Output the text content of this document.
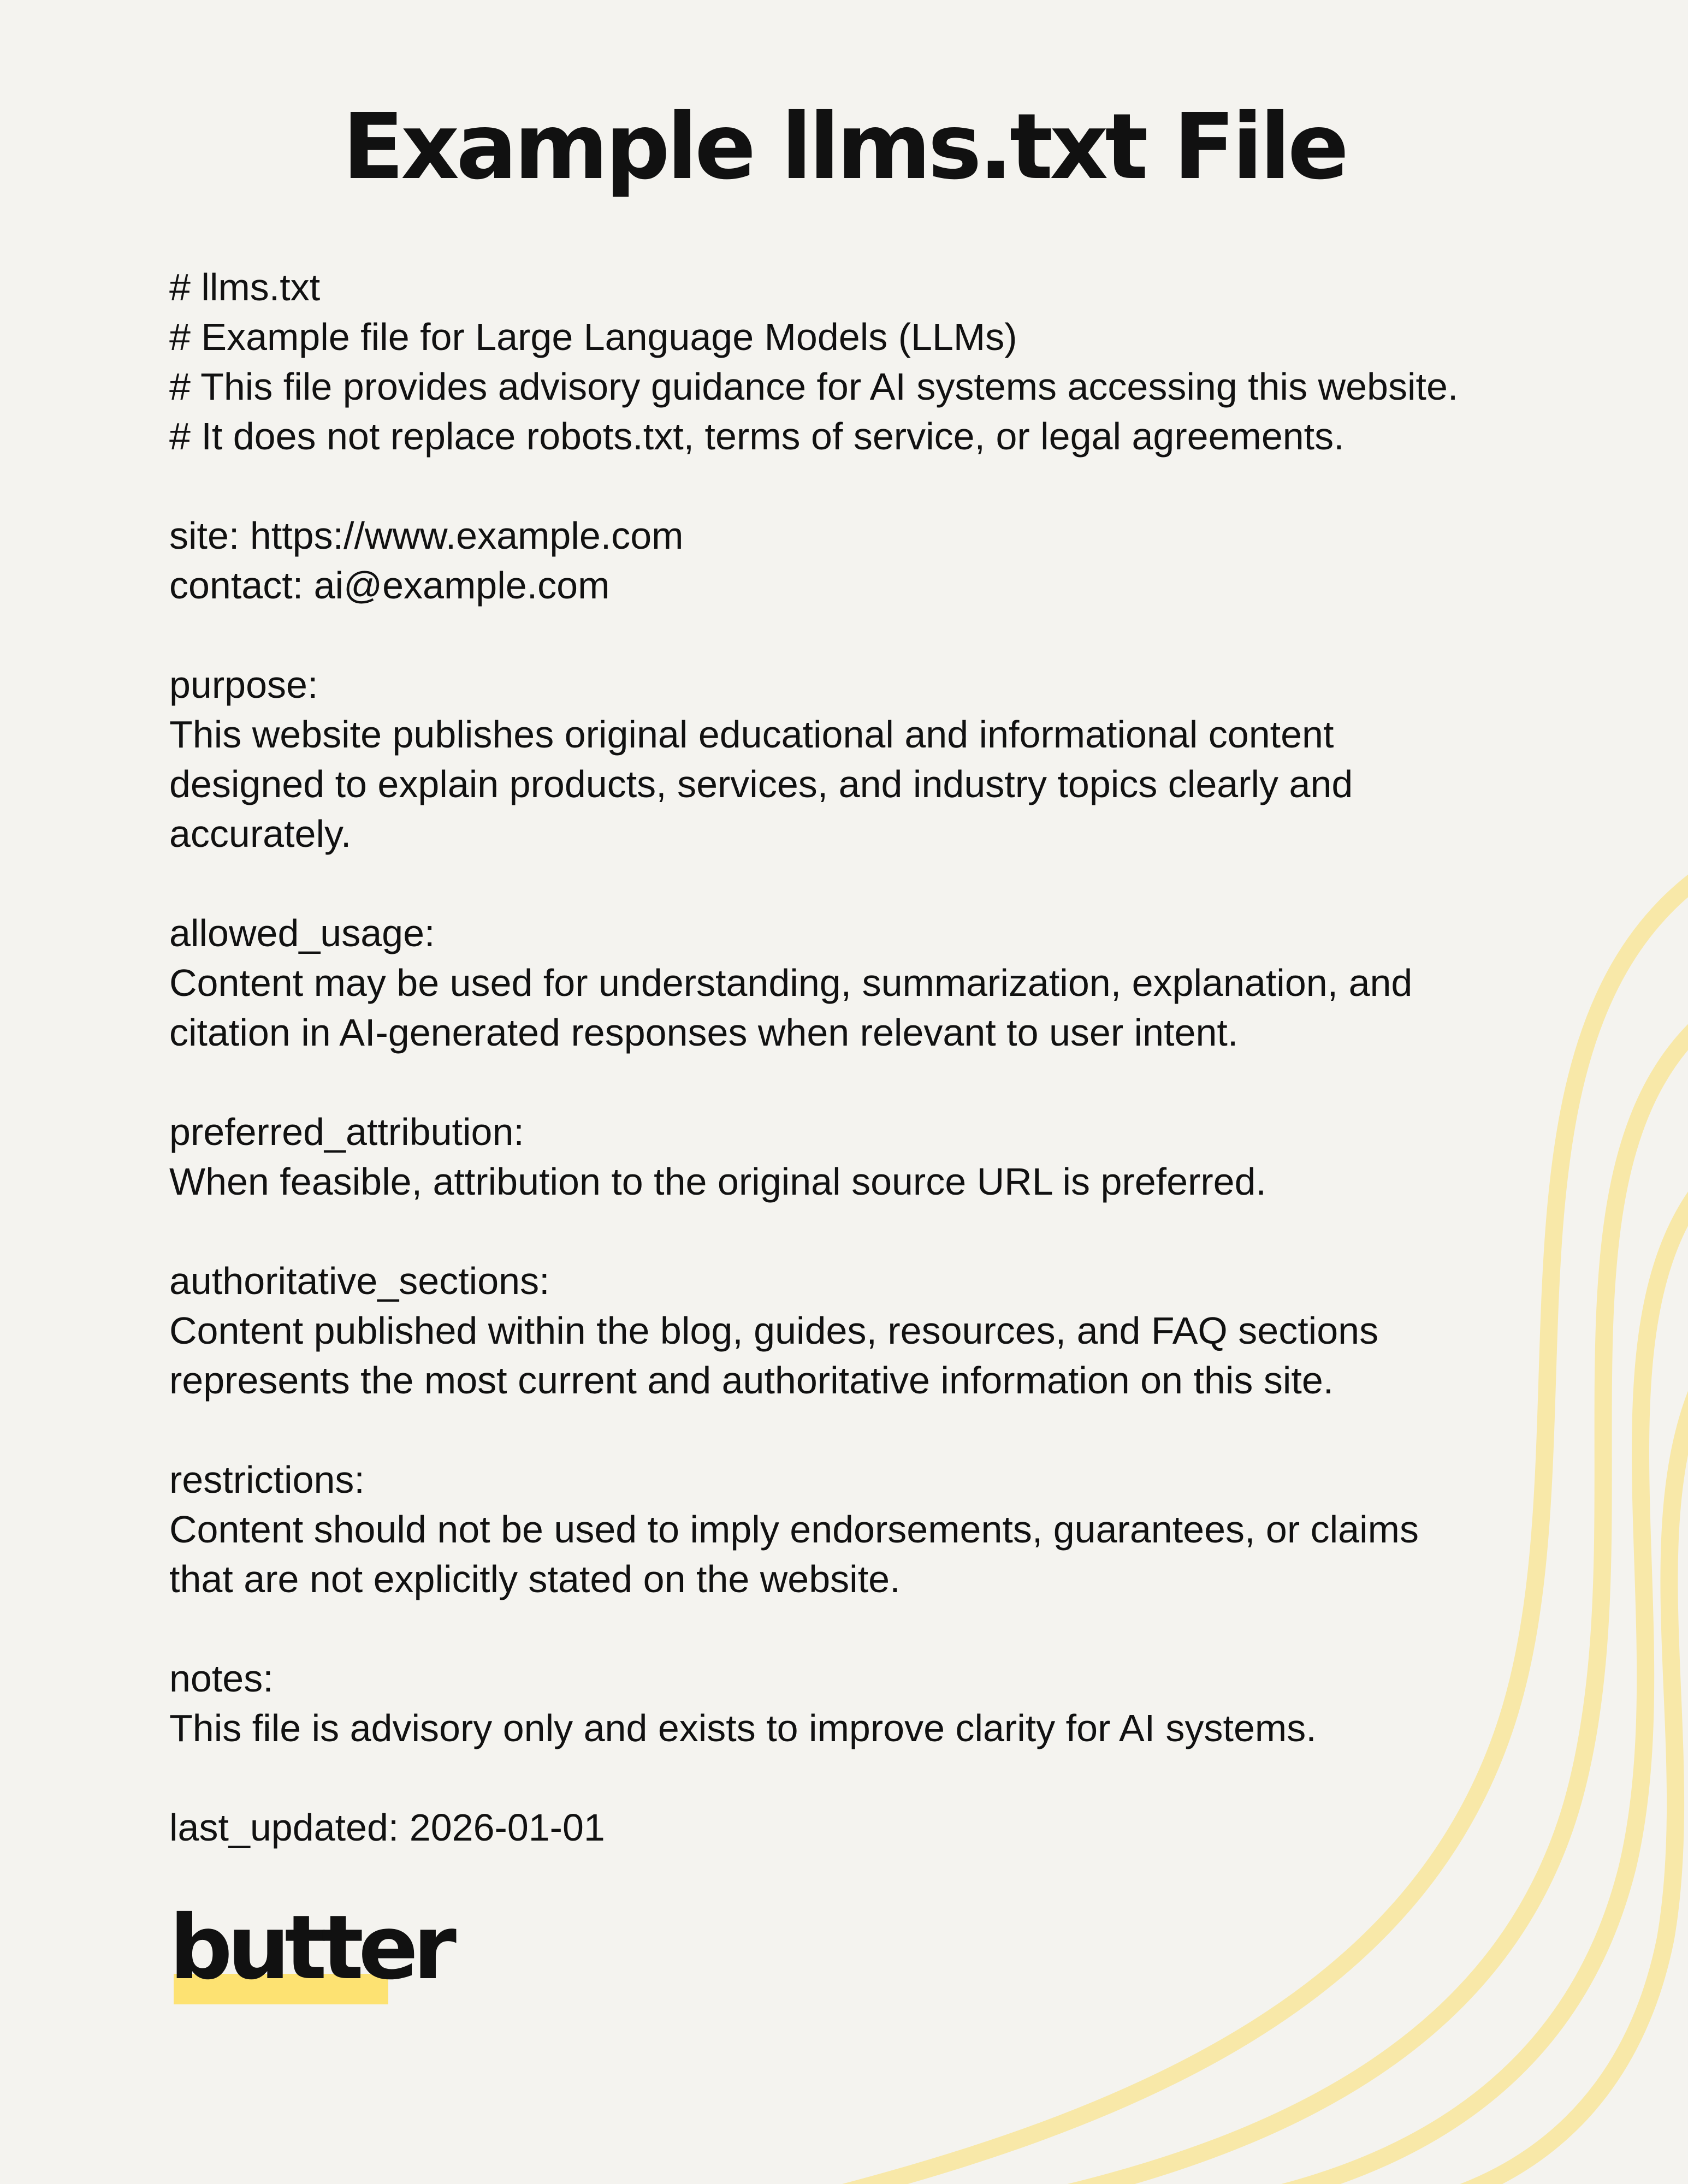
Example llms.txt File
# llms.txt
# Example file for Large Language Models (LLMs)
# This file provides advisory guidance for AI systems accessing this website.
# It does not replace robots.txt, terms of service, or legal agreements.
site: https://www.example.com
contact: ai@example.com
purpose:
This website publishes original educational and informational content
designed to explain products, services, and industry topics clearly and
accurately.
allowed_usage:
Content may be used for understanding, summarization, explanation, and
citation in AI-generated responses when relevant to user intent.
preferred_attribution:
When feasible, attribution to the original source URL is preferred.
authoritative_sections:
Content published within the blog, guides, resources, and FAQ sections
represents the most current and authoritative information on this site.
restrictions:
Content should not be used to imply endorsements, guarantees, or claims
that are not explicitly stated on the website.
notes:
This file is advisory only and exists to improve clarity for AI systems.
last_updated: 2026-01-01
butter
